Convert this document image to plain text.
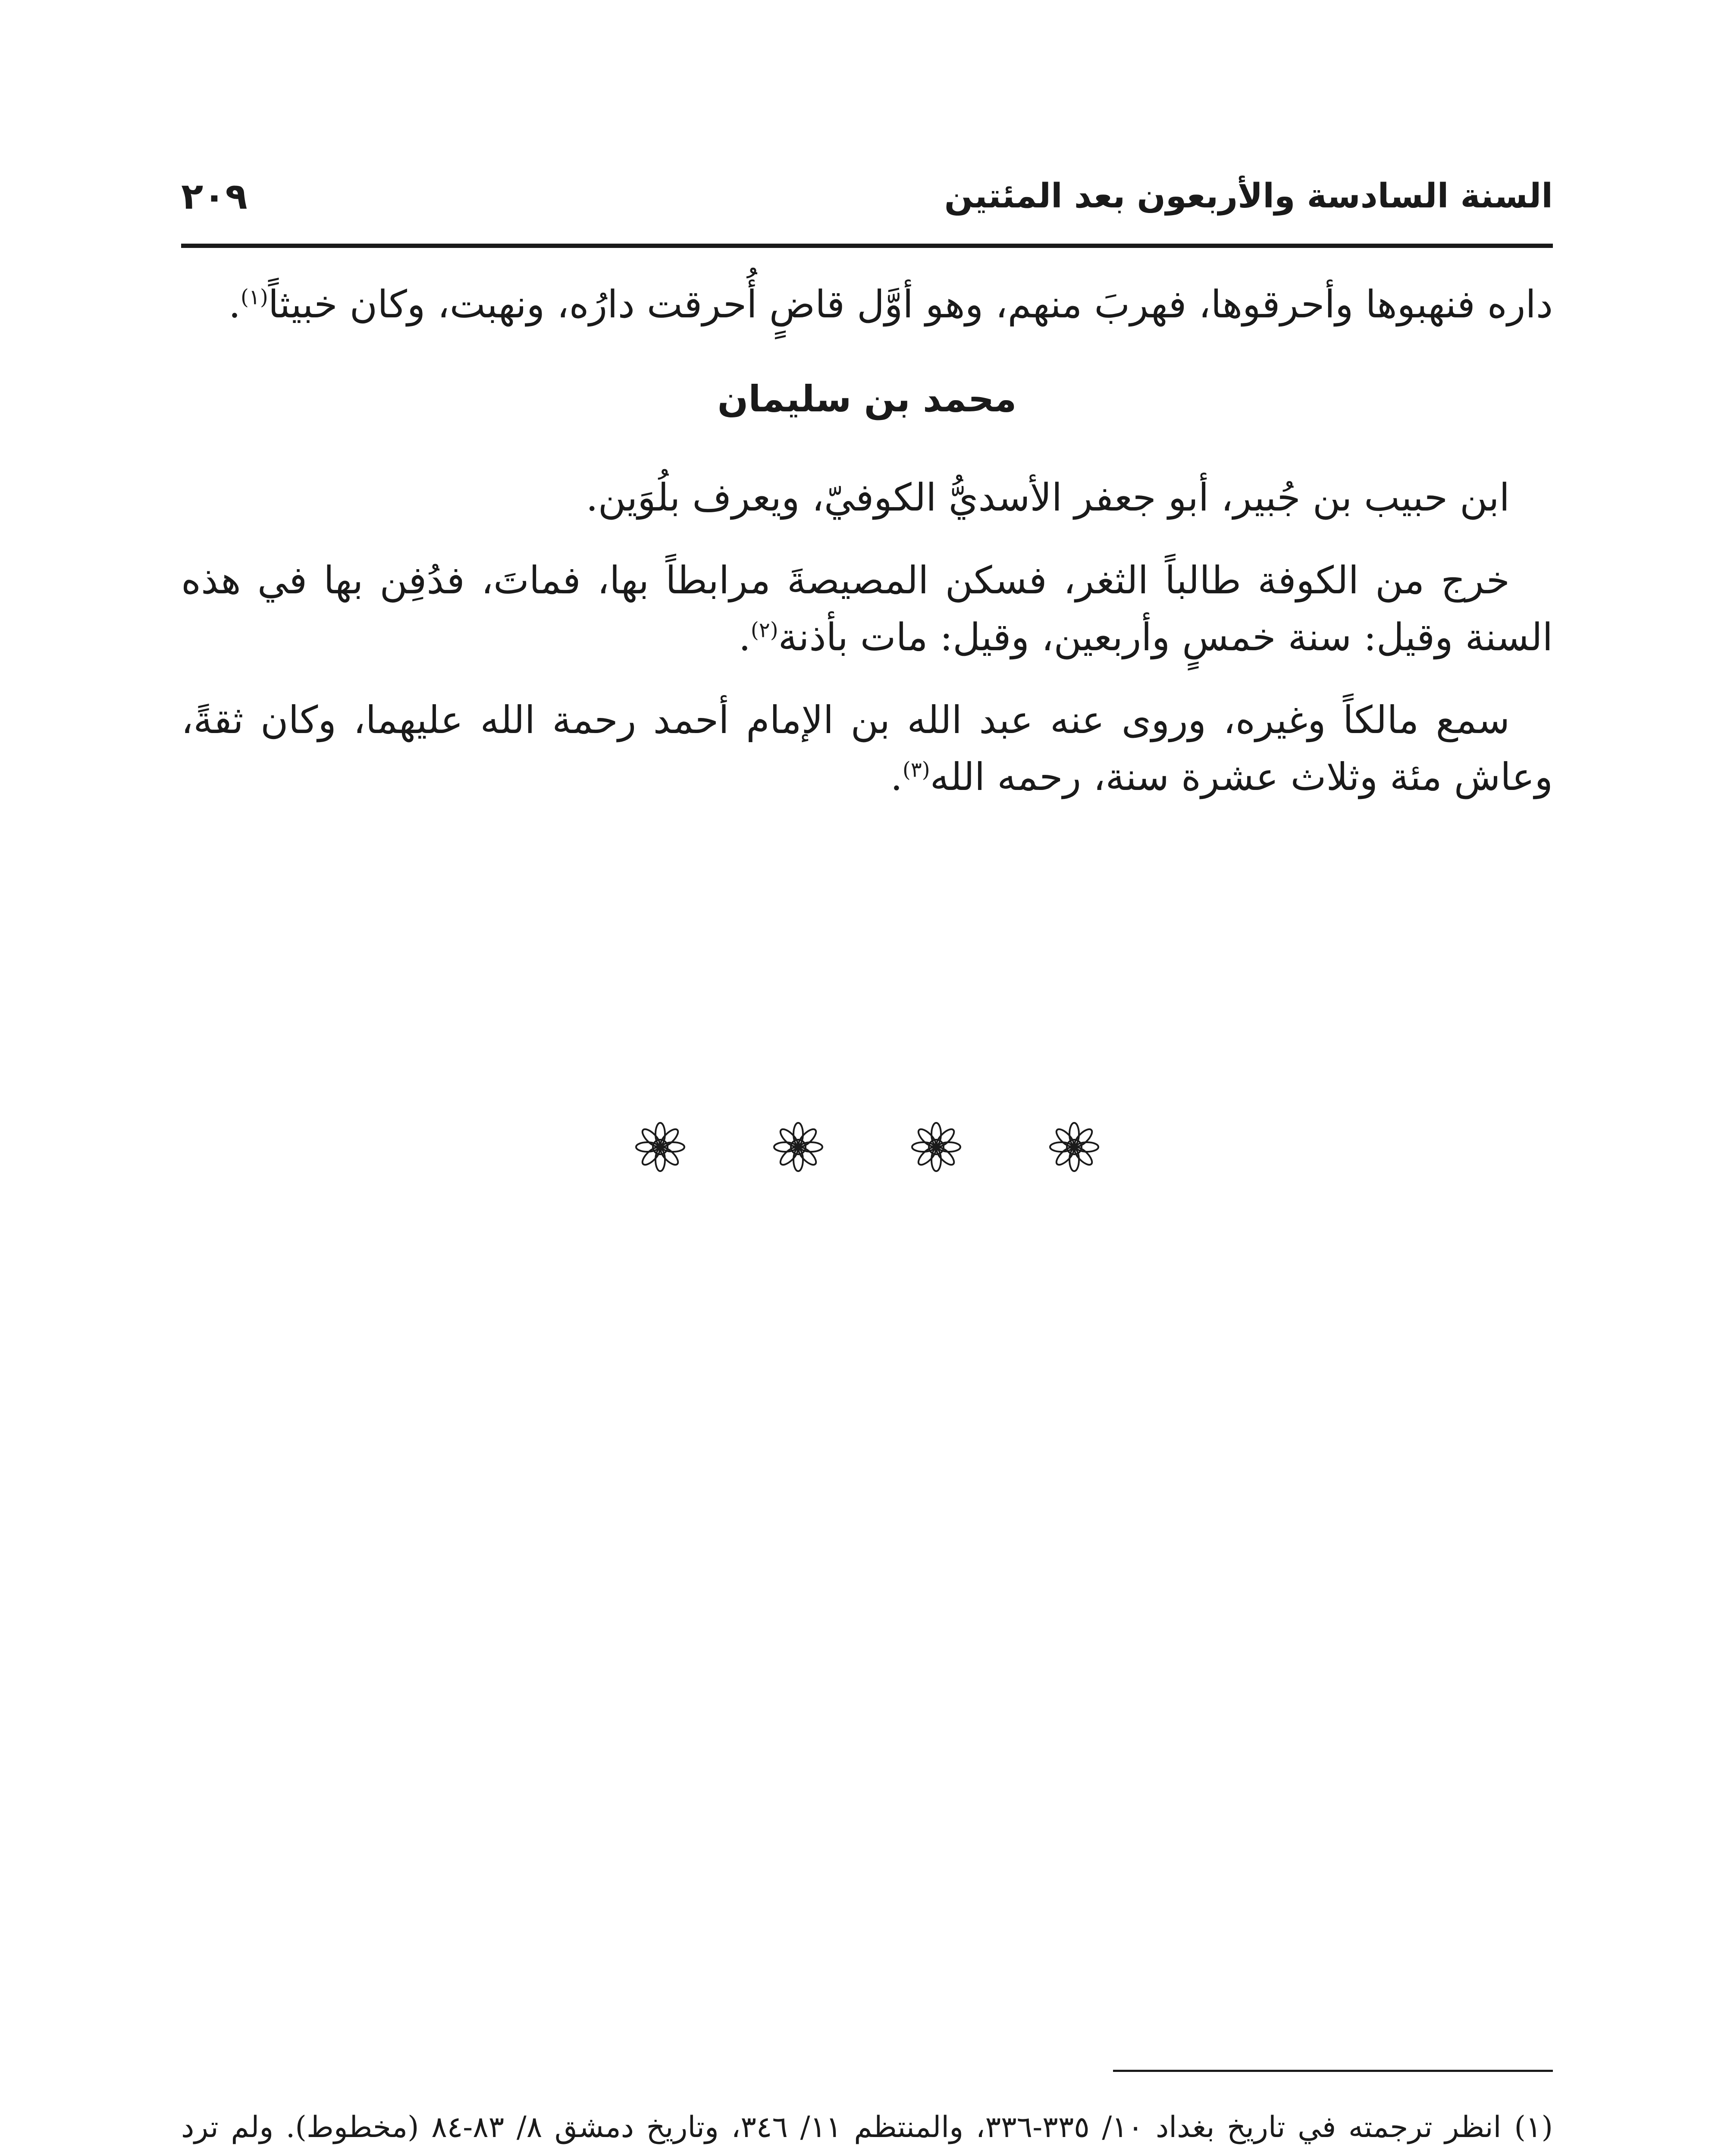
السنة السادسة والأربعون بعد المئتين
٢٠٩

داره فنهبوها وأحرقوها، فهربَ منهم، وهو أوَّل قاضٍ أُحرقت دارُه، ونهبت، وكان خبيثاً$^{(١)}$.

محمد بن سليمان

ابن حبيب بن جُبير، أبو جعفر الأسديُّ الكوفيّ، ويعرف بلُوَين.

خرج من الكوفة طالباً الثغر، فسكن المصيصةَ مرابطاً بها، فماتَ، فدُفِن بها في هذه السنة وقيل: سنة خمسٍ وأربعين، وقيل: مات بأذنة$^{(٢)}$.

سمع مالكاً وغيره، وروى عنه عبد الله بن الإمام أحمد رحمة الله عليهما، وكان ثقةً، وعاش مئة وثلاث عشرة سنة، رحمه الله$^{(٣)}$.

(١)
انظر ترجمته في تاريخ بغداد ١٠/ ٣٣٥-٣٣٦، والمنتظم ١١/ ٣٤٦، وتاريخ دمشق ٨/ ٨٣-٨٤ (مخطوط). ولم ترد
